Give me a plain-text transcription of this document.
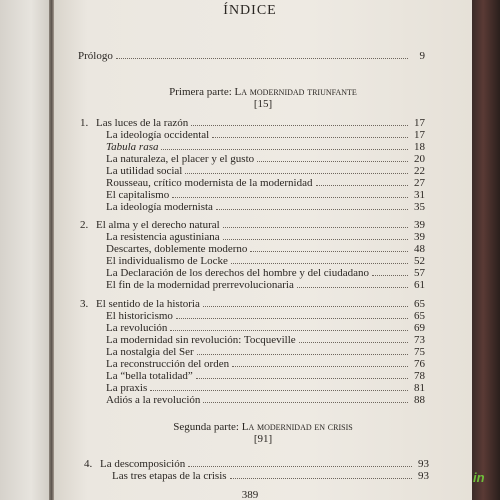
ÍNDICE
Prólogo	9
Primera parte: La modernidad triunfante
[15]
1. Las luces de la razón	17
La ideología occidental	17
Tabula rasa	18
La naturaleza, el placer y el gusto	20
La utilidad social	22
Rousseau, crítico modernista de la modernidad	27
El capitalismo	31
La ideología modernista	35
2. El alma y el derecho natural	39
La resistencia agustiniana	39
Descartes, doblemente moderno	48
El individualismo de Locke	52
La Declaración de los derechos del hombre y del ciudadano	57
El fin de la modernidad prerrevolucionaria	61
3. El sentido de la historia	65
El historicismo	65
La revolución	69
La modernidad sin revolución: Tocqueville	73
La nostalgia del Ser	75
La reconstrucción del orden	76
La “bella totalidad”	78
La praxis	81
Adiós a la revolución	88
Segunda parte: La modernidad en crisis
[91]
4. La descomposición	93
Las tres etapas de la crisis	93
389
in
